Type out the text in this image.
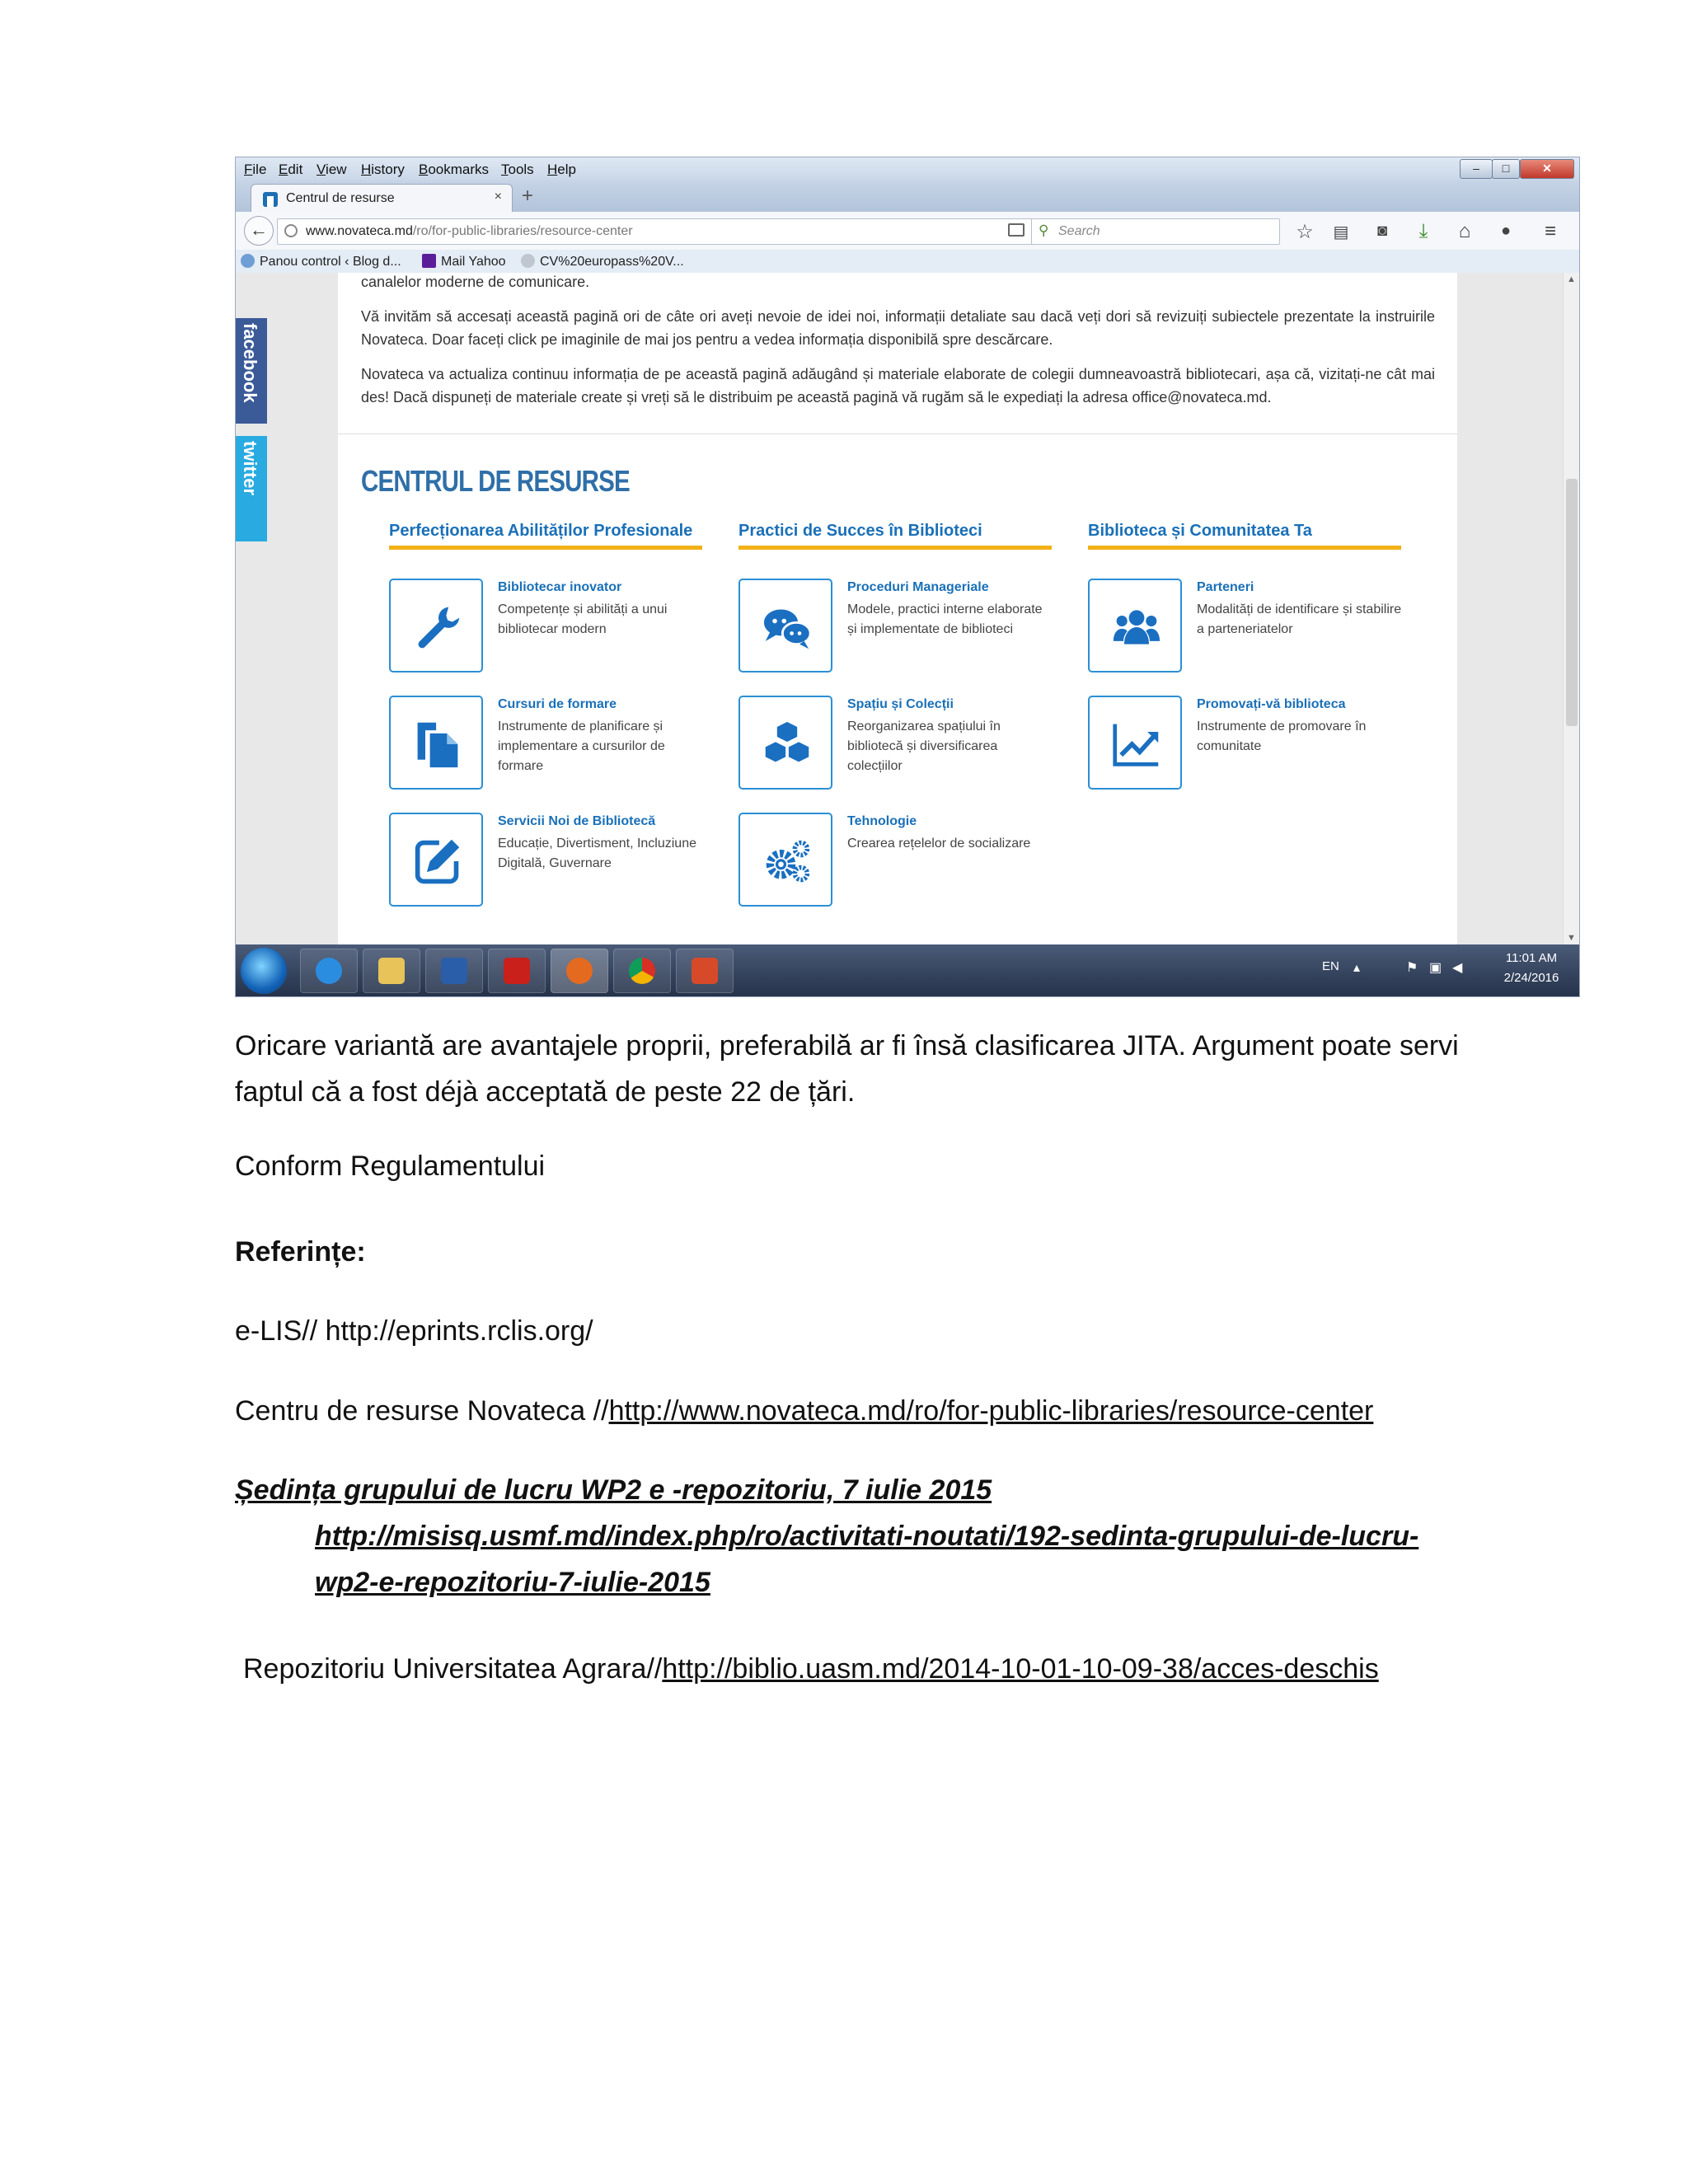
File Edit View History Bookmarks Tools Help	–	□	✕
Centrul de resurse	× +
←	www.novateca.md/ro/for-public-libraries/resource-center	⚲ Search	☆ ▤	◙	⤓	⌂	●	≡
Panou control ‹ Blog d...	Mail Yahoo	CV%20europass%20V...
facebook
twitter

canalelor moderne de comunicare.

Vă invităm să accesați această pagină ori de câte ori aveți nevoie de idei noi, informații detaliate sau dacă veți dori să revizuiți subiectele prezentate la instruirile Novateca. Doar faceți click pe imaginile de mai jos pentru a vedea informația disponibilă spre descărcare.

Novateca va actualiza continuu informația de pe această pagină adăugând și materiale elaborate de colegii dumneavoastră bibliotecari, așa că, vizitați-ne cât mai des! Dacă dispuneți de materiale create și vreți să le distribuim pe această pagină vă rugăm să le expediați la adresa office@novateca.md.

CENTRUL DE RESURSE
Perfecționarea Abilităților Profesionale	Practici de Succes în Biblioteci	Biblioteca și Comunitatea Ta
Bibliotecar inovator
Competențe și abilități a unui bibliotecar modern
Cursuri de formare
Instrumente de planificare și implementare a cursurilor de formare
Servicii Noi de Bibliotecă
Educație, Divertisment, Incluziune Digitală, Guvernare
Proceduri Manageriale
Modele, practici interne elaborate și implementate de biblioteci
Spațiu și Colecții
Reorganizarea spațiului în bibliotecă și diversificarea colecțiilor
Tehnologie
Crearea rețelelor de socializare
Parteneri
Modalități de identificare și stabilire a parteneriatelor
Promovați-vă biblioteca
Instrumente de promovare în comunitate
▲
▼
EN ▴	⚑ ▣ ◀
11:01 AM
2/24/2016
Oricare variantă are avantajele proprii, preferabilă ar fi însă clasificarea JITA. Argument poate servi
faptul că a fost déjà acceptată de peste 22 de țări.
Conform Regulamentului
Referințe:
e-LIS// http://eprints.rclis.org/
Centru de resurse Novateca //http://www.novateca.md/ro/for-public-libraries/resource-center
Ședința grupului de lucru WP2 e -repozitoriu, 7 iulie 2015
http://misisq.usmf.md/index.php/ro/activitati-noutati/192-sedinta-grupului-de-lucru-
wp2-e-repozitoriu-7-iulie-2015
Repozitoriu Universitatea Agrara//http://biblio.uasm.md/2014-10-01-10-09-38/acces-deschis
